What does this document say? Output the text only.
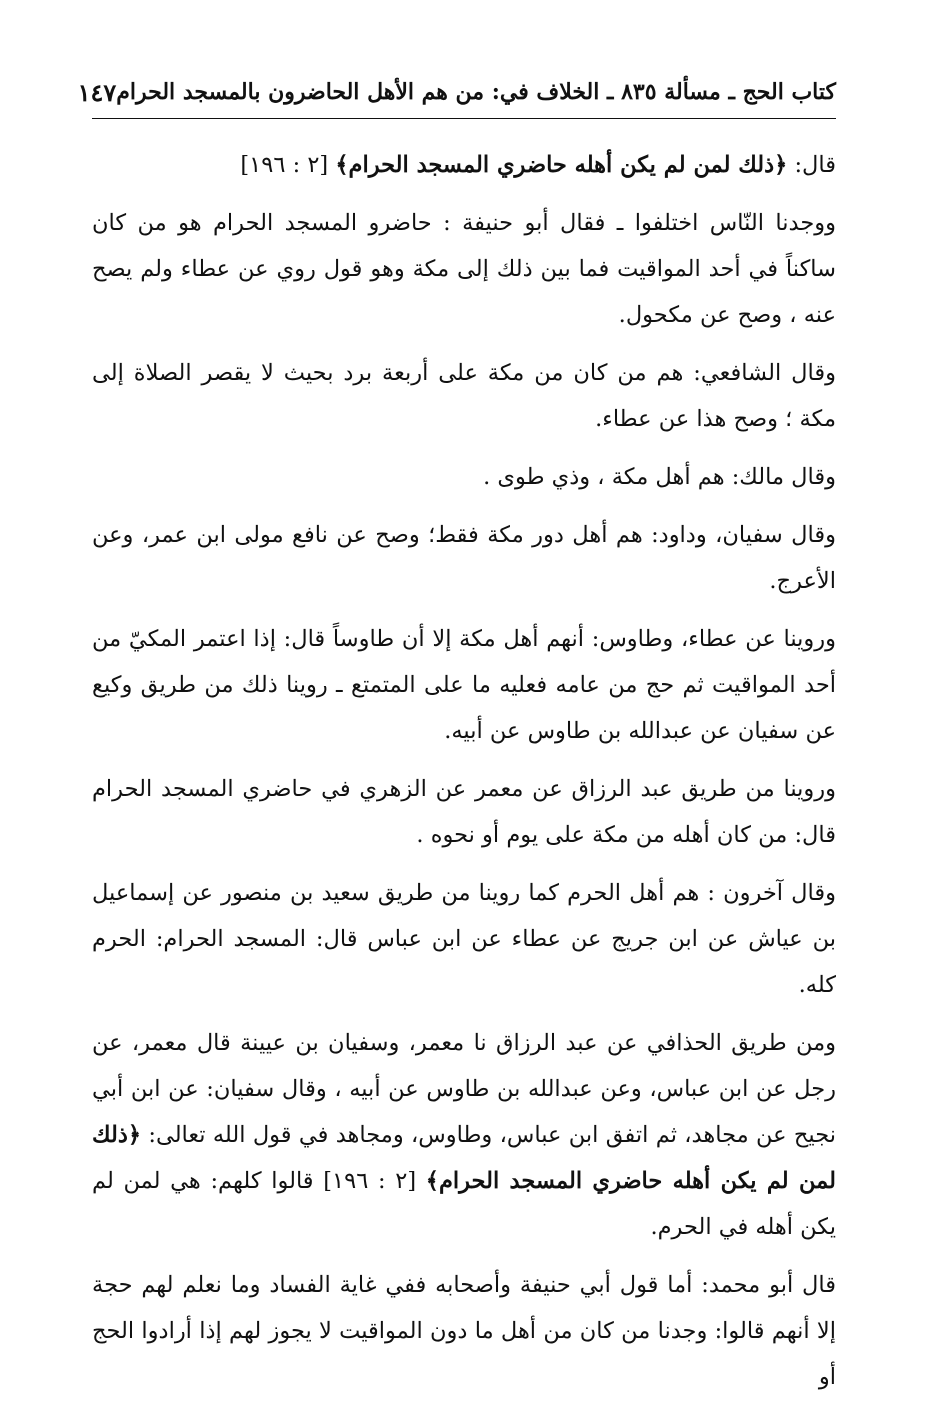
كتاب الحج ـ مسألة ٨٣٥ ـ الخلاف في: من هم الأهل الحاضرون بالمسجد الحرام
١٤٧

قال: ﴿ذلك لمن لم يكن أهله حاضري المسجد الحرام﴾ [٢ : ١٩٦]

ووجدنا النّاس اختلفوا ـ فقال أبو حنيفة : حاضرو المسجد الحرام هو من كان ساكناً في أحد المواقيت فما بين ذلك إلى مكة وهو قول روي عن عطاء ولم يصح عنه ، وصح عن مكحول.

وقال الشافعي: هم من كان من مكة على أربعة برد بحيث لا يقصر الصلاة إلى مكة ؛ وصح هذا عن عطاء.

وقال مالك: هم أهل مكة ، وذي طوى .

وقال سفيان، وداود: هم أهل دور مكة فقط؛ وصح عن نافع مولى ابن عمر، وعن الأعرج.

وروينا عن عطاء، وطاوس: أنهم أهل مكة إلا أن طاوساً قال: إذا اعتمر المكيّ من أحد المواقيت ثم حج من عامه فعليه ما على المتمتع ـ روينا ذلك من طريق وكيع عن سفيان عن عبدالله بن طاوس عن أبيه.

وروينا من طريق عبد الرزاق عن معمر عن الزهري في حاضري المسجد الحرام قال: من كان أهله من مكة على يوم أو نحوه .

وقال آخرون : هم أهل الحرم كما روينا من طريق سعيد بن منصور عن إسماعيل بن عياش عن ابن جريج عن عطاء عن ابن عباس قال: المسجد الحرام: الحرم كله.

ومن طريق الحذافي عن عبد الرزاق نا معمر، وسفيان بن عيينة قال معمر، عن رجل عن ابن عباس، وعن عبدالله بن طاوس عن أبيه ، وقال سفيان: عن ابن أبي نجيح عن مجاهد، ثم اتفق ابن عباس، وطاوس، ومجاهد في قول الله تعالى: ﴿ذلك لمن لم يكن أهله حاضري المسجد الحرام﴾ [٢ : ١٩٦] قالوا كلهم: هي لمن لم يكن أهله في الحرم.

قال أبو محمد: أما قول أبي حنيفة وأصحابه ففي غاية الفساد وما نعلم لهم حجة إلا أنهم قالوا: وجدنا من كان من أهل ما دون المواقيت لا يجوز لهم إذا أرادوا الحج أو
